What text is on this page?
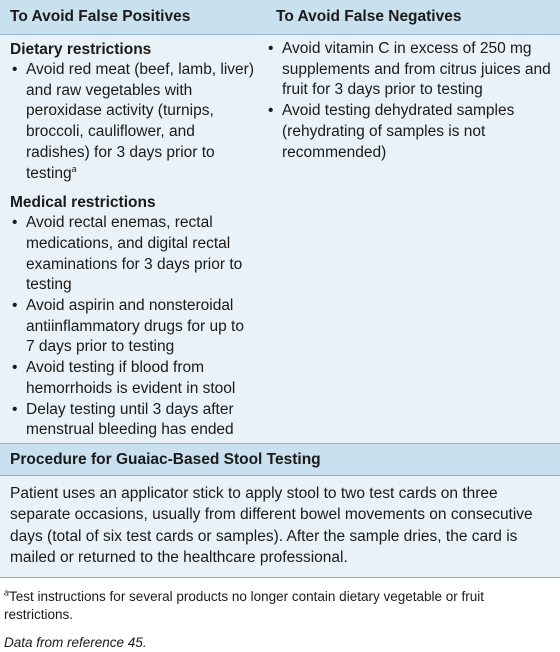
To Avoid False Positives	To Avoid False Negatives
Dietary restrictions
• Avoid red meat (beef, lamb, liver) and raw vegetables with peroxidase activity (turnips, broccoli, cauliflower, and radishes) for 3 days prior to testing$^a$
Medical restrictions
• Avoid rectal enemas, rectal medications, and digital rectal examinations for 3 days prior to testing
• Avoid aspirin and nonsteroidal antiinflammatory drugs for up to 7 days prior to testing
• Avoid testing if blood from hemorrhoids is evident in stool
• Delay testing until 3 days after menstrual bleeding has ended
• Avoid vitamin C in excess of 250 mg supplements and from citrus juices and fruit for 3 days prior to testing
• Avoid testing dehydrated samples (rehydrating of samples is not recommended)
Procedure for Guaiac-Based Stool Testing
Patient uses an applicator stick to apply stool to two test cards on three separate occasions, usually from different bowel movements on consecutive days (total of six test cards or samples). After the sample dries, the card is mailed or returned to the healthcare professional.
$^a$Test instructions for several products no longer contain dietary vegetable or fruit restrictions.
Data from reference 45.
